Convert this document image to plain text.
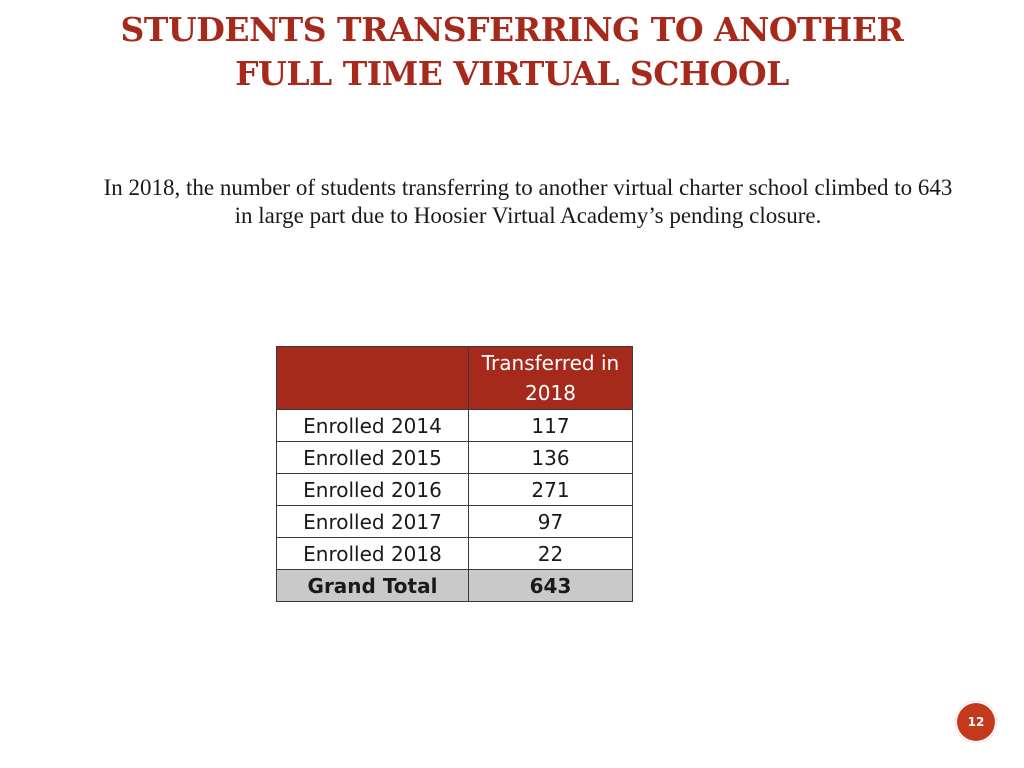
STUDENTS TRANSFERRING TO ANOTHER
FULL TIME VIRTUAL SCHOOL
In 2018, the number of students transferring to another virtual charter school climbed to 643 in large part due to Hoosier Virtual Academy’s pending closure.
	Transferred in 2018
Enrolled 2014	117
Enrolled 2015	136
Enrolled 2016	271
Enrolled 2017	97
Enrolled 2018	22
Grand Total	643
12
